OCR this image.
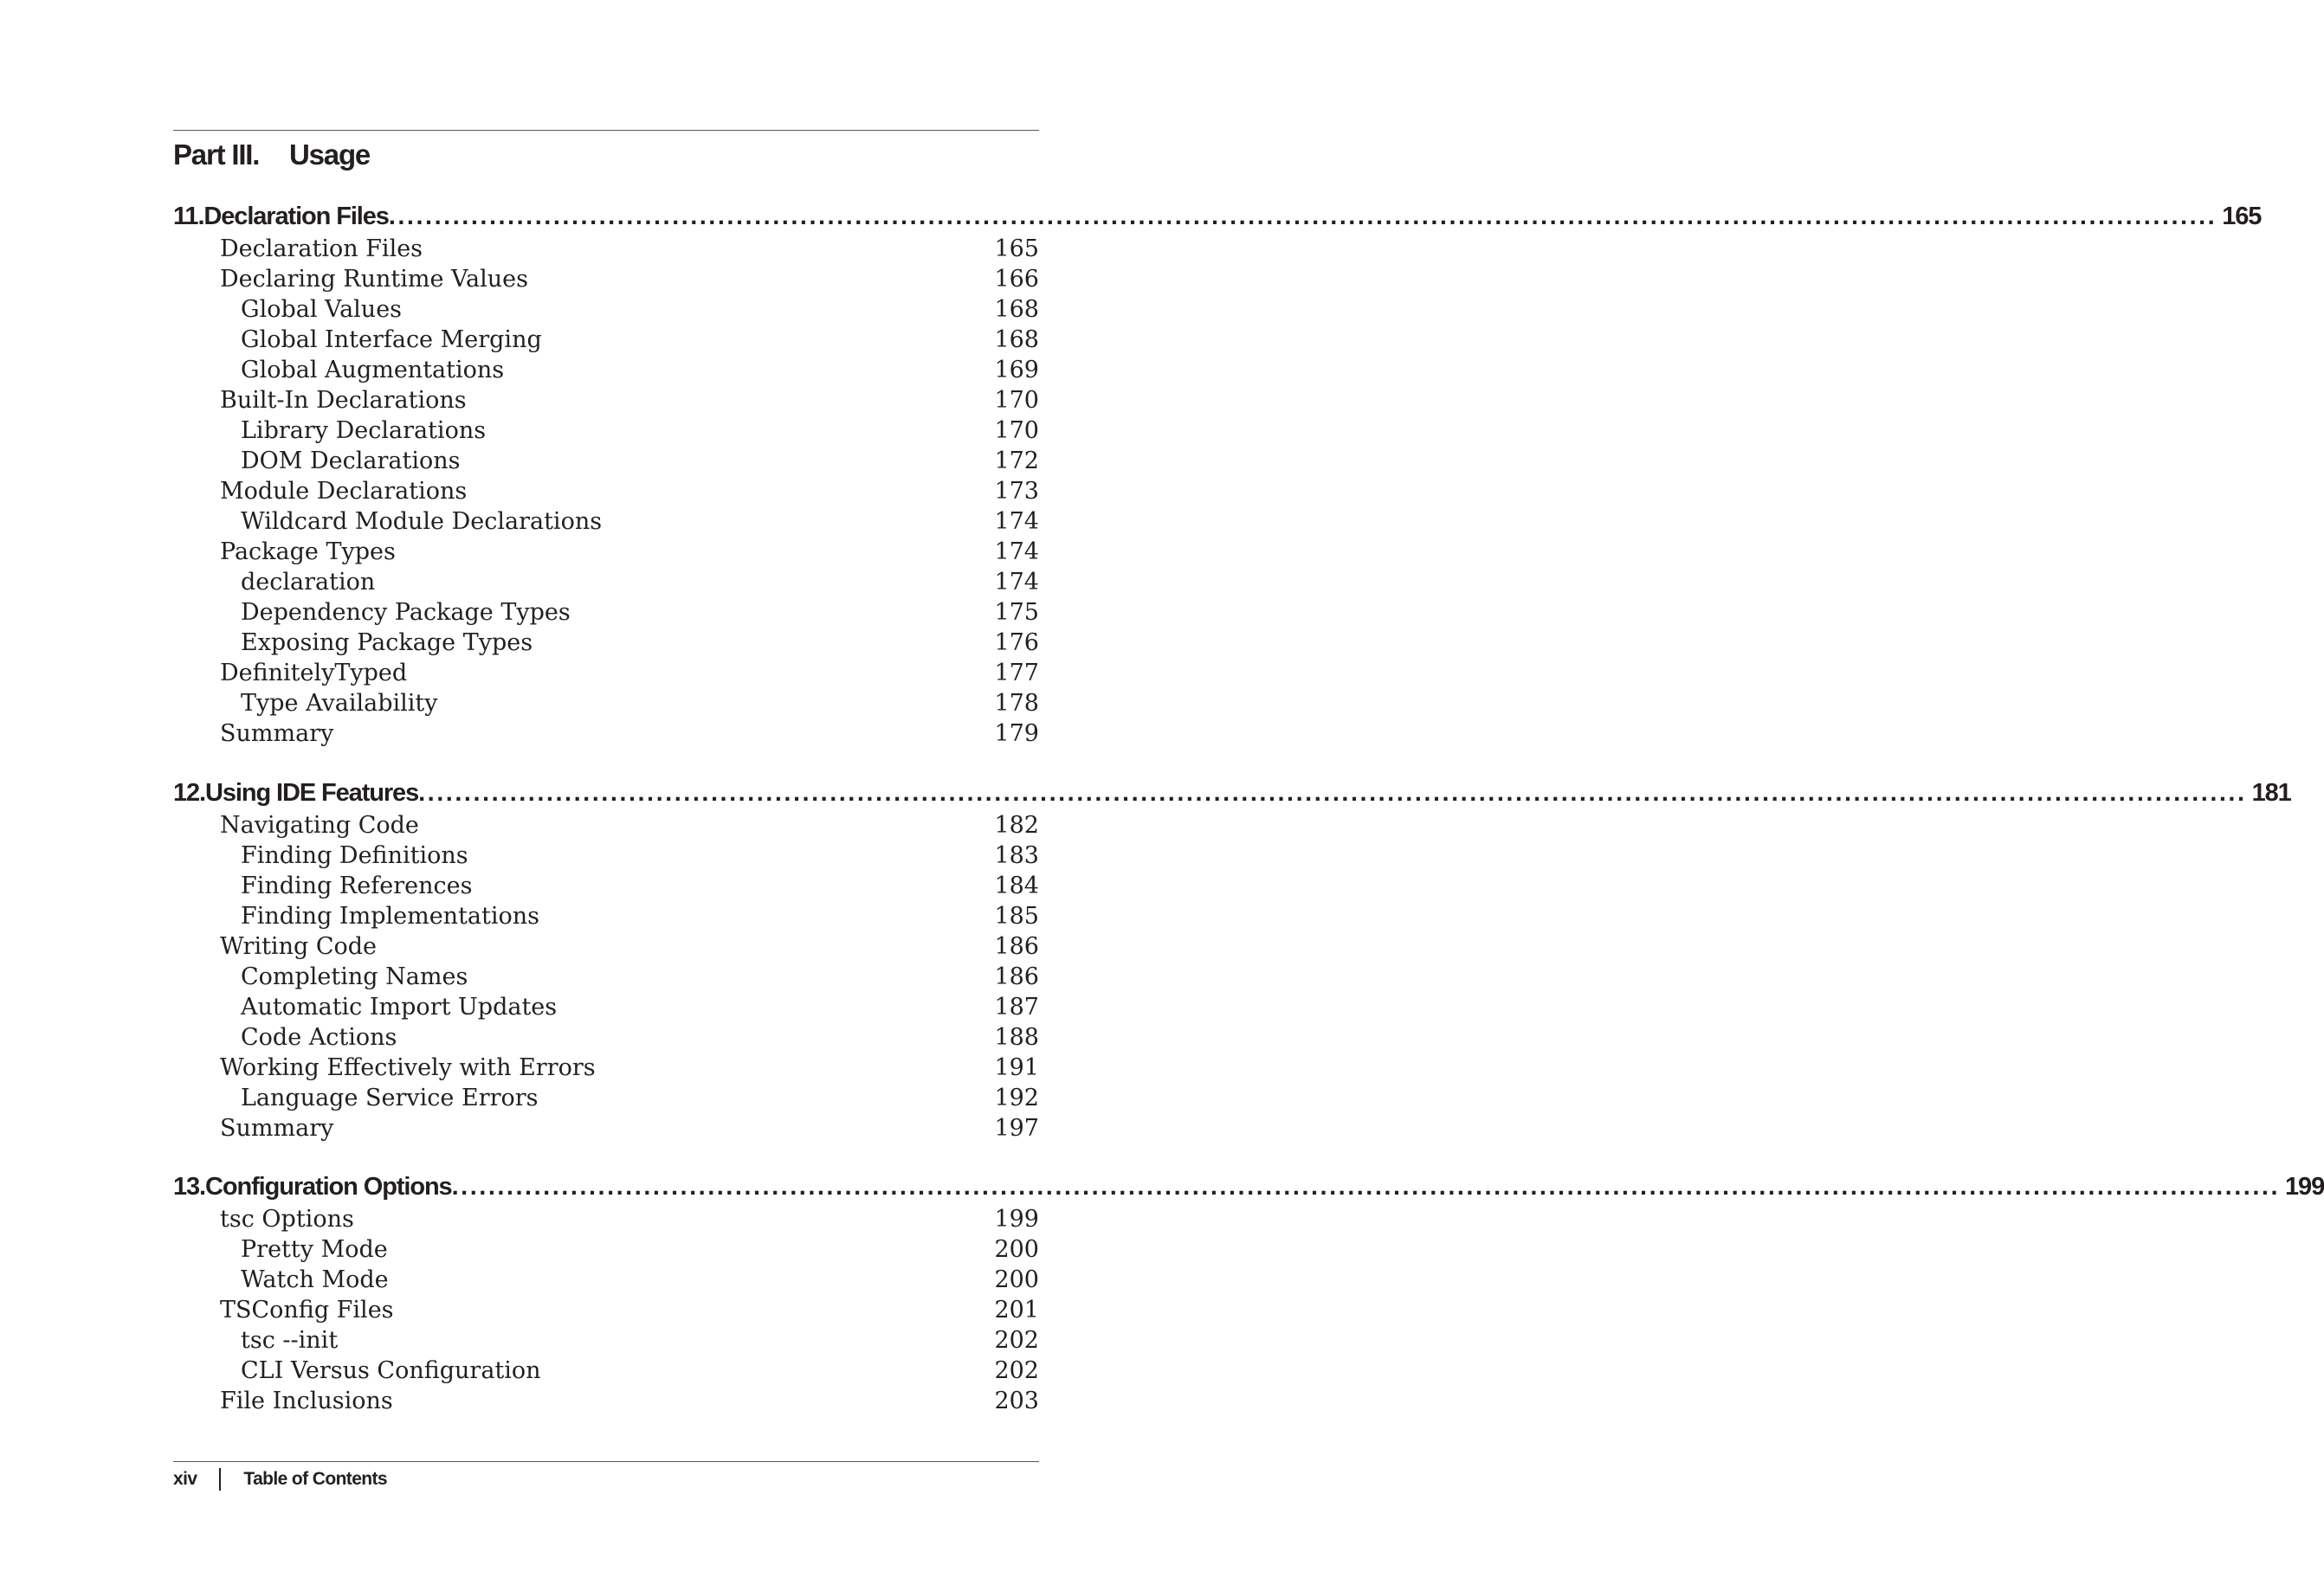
Part III. Usage
11. Declaration Files ........................................................................................................................................................................................................ 165
Declaration Files	165
Declaring Runtime Values	166
Global Values	168
Global Interface Merging	168
Global Augmentations	169
Built-In Declarations	170
Library Declarations	170
DOM Declarations	172
Module Declarations	173
Wildcard Module Declarations	174
Package Types	174
declaration	174
Dependency Package Types	175
Exposing Package Types	176
DefinitelyTyped	177
Type Availability	178
Summary	179
12. Using IDE Features ........................................................................................................................................................................................................ 181
Navigating Code	182
Finding Definitions	183
Finding References	184
Finding Implementations	185
Writing Code	186
Completing Names	186
Automatic Import Updates	187
Code Actions	188
Working Effectively with Errors	191
Language Service Errors	192
Summary	197
13. Configuration Options ........................................................................................................................................................................................................ 199
tsc Options	199
Pretty Mode	200
Watch Mode	200
TSConfig Files	201
tsc --init	202
CLI Versus Configuration	202
File Inclusions	203
xiv	Table of Contents
